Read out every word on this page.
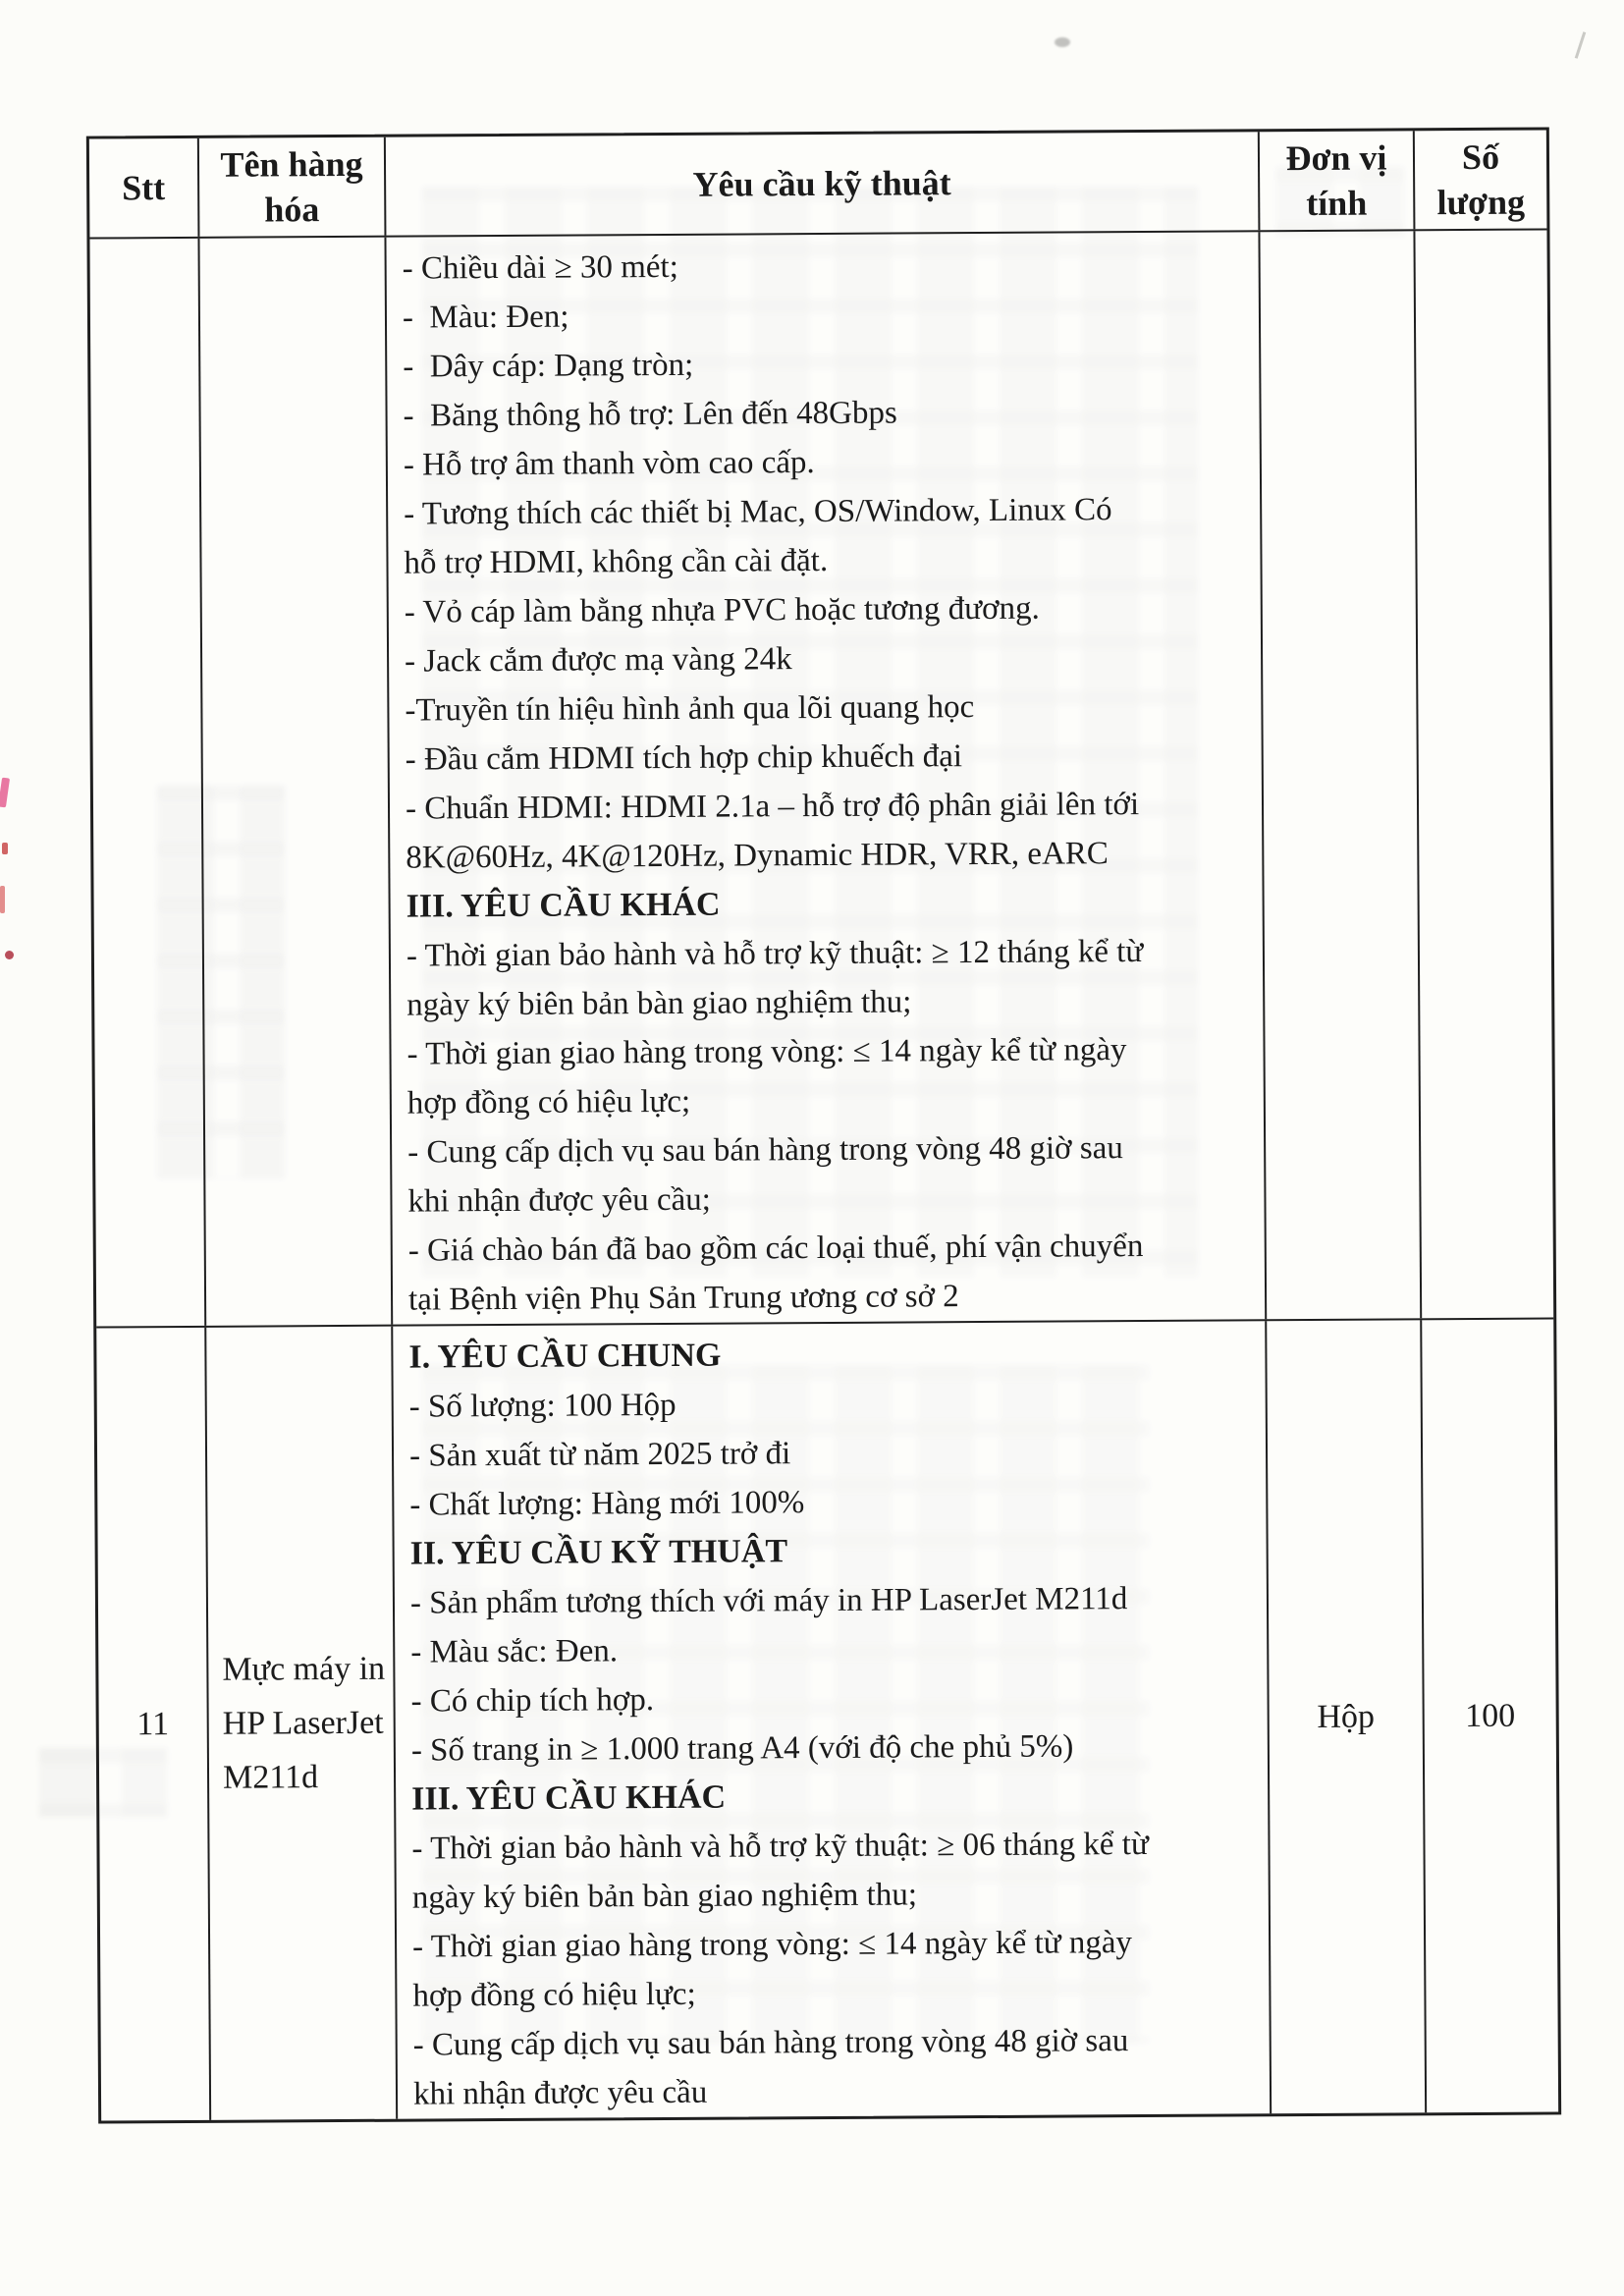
Stt
Tên hàng hóa
Yêu cầu kỹ thuật
Đơn vị tính
Số lượng
- Chiều dài ≥ 30 mét;
-  Màu: Đen;
-  Dây cáp: Dạng tròn;
-  Băng thông hỗ trợ: Lên đến 48Gbps
- Hỗ trợ âm thanh vòm cao cấp.
- Tương thích các thiết bị Mac, OS/Window, Linux Có
hỗ trợ HDMI, không cần cài đặt.
- Vỏ cáp làm bằng nhựa PVC hoặc tương đương.
- Jack cắm được mạ vàng 24k
-Truyền tín hiệu hình ảnh qua lõi quang học
- Đầu cắm HDMI tích hợp chip khuếch đại
- Chuẩn HDMI: HDMI 2.1a – hỗ trợ độ phân giải lên tới
8K@60Hz, 4K@120Hz, Dynamic HDR, VRR, eARC
III. YÊU CẦU KHÁC
- Thời gian bảo hành và hỗ trợ kỹ thuật: ≥ 12 tháng kể từ
ngày ký biên bản bàn giao nghiệm thu;
- Thời gian giao hàng trong vòng: ≤ 14 ngày kể từ ngày
hợp đồng có hiệu lực;
- Cung cấp dịch vụ sau bán hàng trong vòng 48 giờ sau
khi nhận được yêu cầu;
- Giá chào bán đã bao gồm các loại thuế, phí vận chuyển
tại Bệnh viện Phụ Sản Trung ương cơ sở 2
11
Mực máy in HP LaserJet M211d
I. YÊU CẦU CHUNG
- Số lượng: 100 Hộp
- Sản xuất từ năm 2025 trở đi
- Chất lượng: Hàng mới 100%
II. YÊU CẦU KỸ THUẬT
- Sản phẩm tương thích với máy in HP LaserJet M211d
- Màu sắc: Đen.
- Có chip tích hợp.
- Số trang in ≥ 1.000 trang A4 (với độ che phủ 5%)
III. YÊU CẦU KHÁC
- Thời gian bảo hành và hỗ trợ kỹ thuật: ≥ 06 tháng kể từ
ngày ký biên bản bàn giao nghiệm thu;
- Thời gian giao hàng trong vòng: ≤ 14 ngày kể từ ngày
hợp đồng có hiệu lực;
- Cung cấp dịch vụ sau bán hàng trong vòng 48 giờ sau
khi nhận được yêu cầu
Hộp	100
